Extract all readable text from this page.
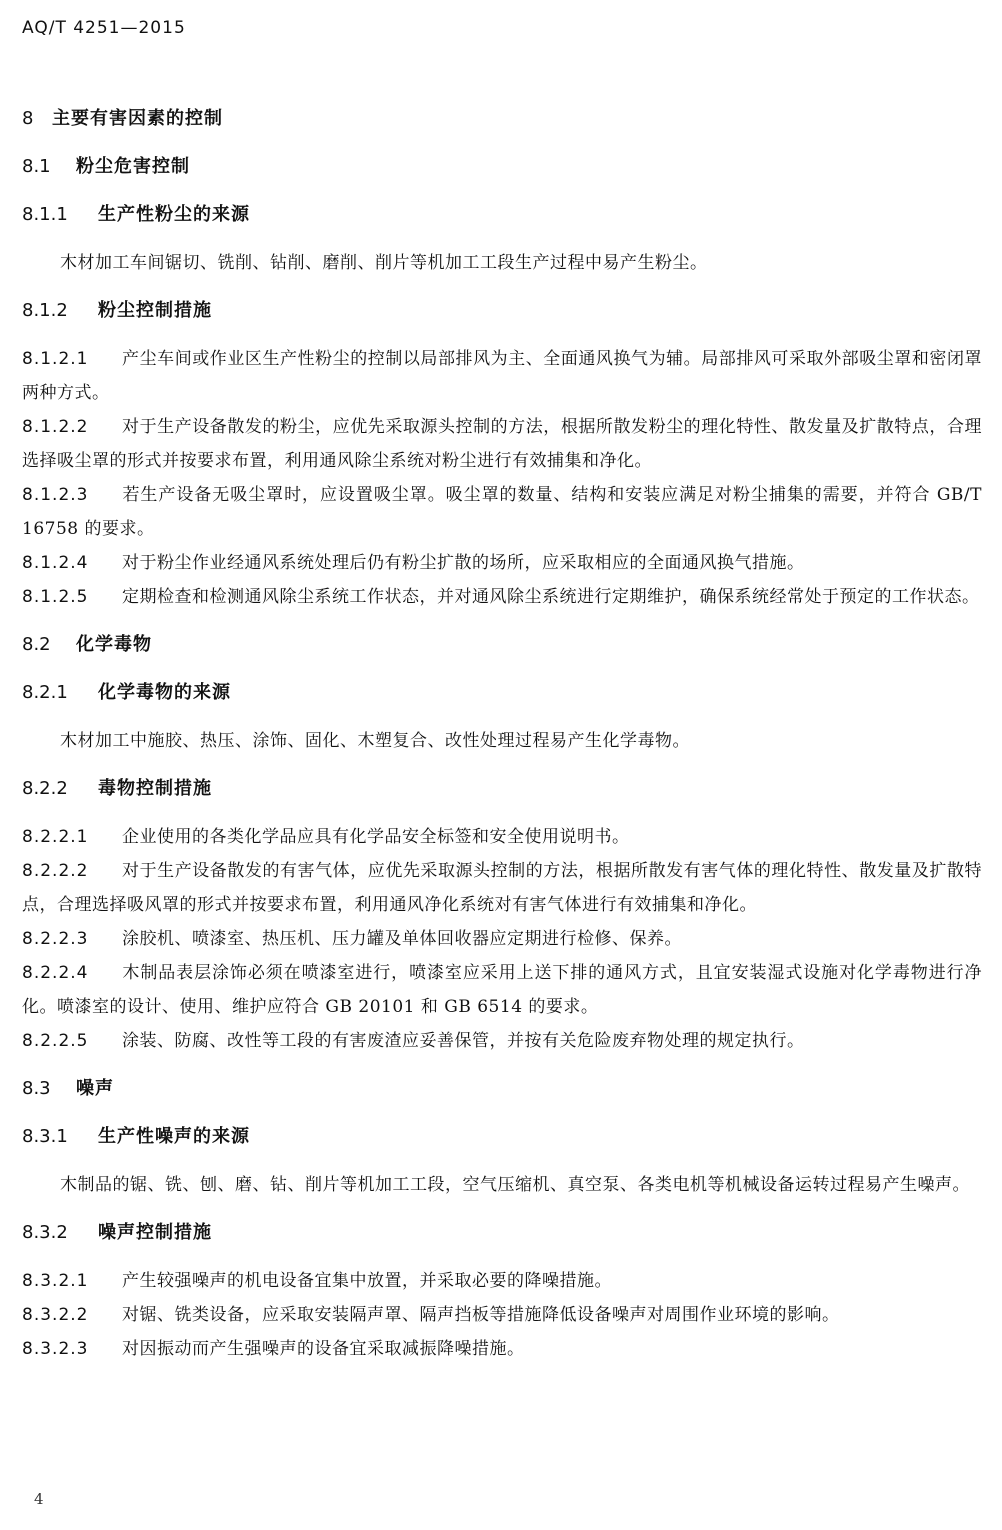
AQ/T 4251—2015
8	主要有害因素的控制
8.1	粉尘危害控制
8.1.1	生产性粉尘的来源
木材加工车间锯切、铣削、钻削、磨削、削片等机加工工段生产过程中易产生粉尘。
8.1.2	粉尘控制措施
8.1.2.1 产尘车间或作业区生产性粉尘的控制以局部排风为主、全面通风换气为辅。局部排风可采取外部吸尘罩和密闭罩两种方式。
8.1.2.2 对于生产设备散发的粉尘，应优先采取源头控制的方法，根据所散发粉尘的理化特性、散发量及扩散特点，合理选择吸尘罩的形式并按要求布置，利用通风除尘系统对粉尘进行有效捕集和净化。
8.1.2.3 若生产设备无吸尘罩时，应设置吸尘罩。吸尘罩的数量、结构和安装应满足对粉尘捕集的需要，并符合 GB/T 16758 的要求。
8.1.2.4 对于粉尘作业经通风系统处理后仍有粉尘扩散的场所，应采取相应的全面通风换气措施。
8.1.2.5 定期检查和检测通风除尘系统工作状态，并对通风除尘系统进行定期维护，确保系统经常处于预定的工作状态。
8.2	化学毒物
8.2.1	化学毒物的来源
木材加工中施胶、热压、涂饰、固化、木塑复合、改性处理过程易产生化学毒物。
8.2.2	毒物控制措施
8.2.2.1 企业使用的各类化学品应具有化学品安全标签和安全使用说明书。
8.2.2.2 对于生产设备散发的有害气体，应优先采取源头控制的方法，根据所散发有害气体的理化特性、散发量及扩散特点，合理选择吸风罩的形式并按要求布置，利用通风净化系统对有害气体进行有效捕集和净化。
8.2.2.3 涂胶机、喷漆室、热压机、压力罐及单体回收器应定期进行检修、保养。
8.2.2.4 木制品表层涂饰必须在喷漆室进行，喷漆室应采用上送下排的通风方式，且宜安装湿式设施对化学毒物进行净化。喷漆室的设计、使用、维护应符合 GB 20101 和 GB 6514 的要求。
8.2.2.5 涂装、防腐、改性等工段的有害废渣应妥善保管，并按有关危险废弃物处理的规定执行。
8.3	噪声
8.3.1	生产性噪声的来源
木制品的锯、铣、刨、磨、钻、削片等机加工工段，空气压缩机、真空泵、各类电机等机械设备运转过程易产生噪声。
8.3.2	噪声控制措施
8.3.2.1 产生较强噪声的机电设备宜集中放置，并采取必要的降噪措施。
8.3.2.2 对锯、铣类设备，应采取安装隔声罩、隔声挡板等措施降低设备噪声对周围作业环境的影响。
8.3.2.3 对因振动而产生强噪声的设备宜采取减振降噪措施。
4
